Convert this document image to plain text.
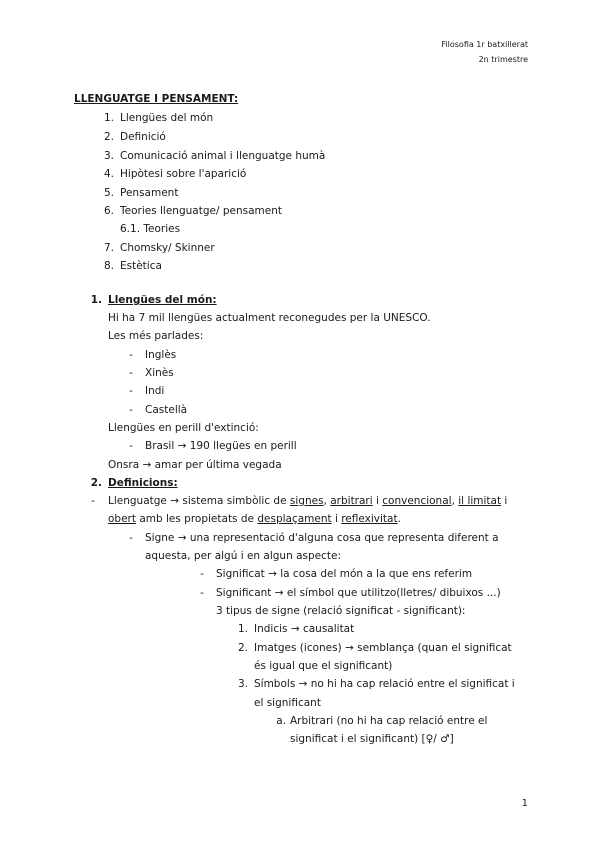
Filosofia 1r batxillerat
2n trimestre
LLENGUATGE I PENSAMENT:
1. Llengües del món
2. Definició
3. Comunicació animal i llenguatge humà
4. Hipòtesi sobre l'aparició
5. Pensament
6. Teories llenguatge/ pensament
6.1. Teories
7. Chomsky/ Skinner
8. Estètica
1. Llengües del món:
Hi ha 7 mil llengües actualment reconegudes per la UNESCO.
Les més parlades:
- Inglès
- Xinès
- Indi
- Castellà
Llengües en perill d'extinció:
- Brasil → 190 llegües en perill
Onsra → amar per última vegada
2. Definicions:
- Llenguatge → sistema simbòlic de signes, arbitrari i convencional, il limitat i
obert amb les propietats de desplaçament i reflexivitat.
- Signe → una representació d'alguna cosa que representa diferent a
aquesta, per algú i en algun aspecte:
- Significat → la cosa del món a la que ens referim
- Significant → el símbol que utilitzo(lletres/ dibuixos ...)
3 tipus de signe (relació significat - significant):
1. Indicis → causalitat
2. Imatges (icones) → semblança (quan el significat
és igual que el significant)
3. Símbols → no hi ha cap relació entre el significat i
el significant
a. Arbitrari (no hi ha cap relació entre el
significat i el significant) [♀/ ♂]
1
